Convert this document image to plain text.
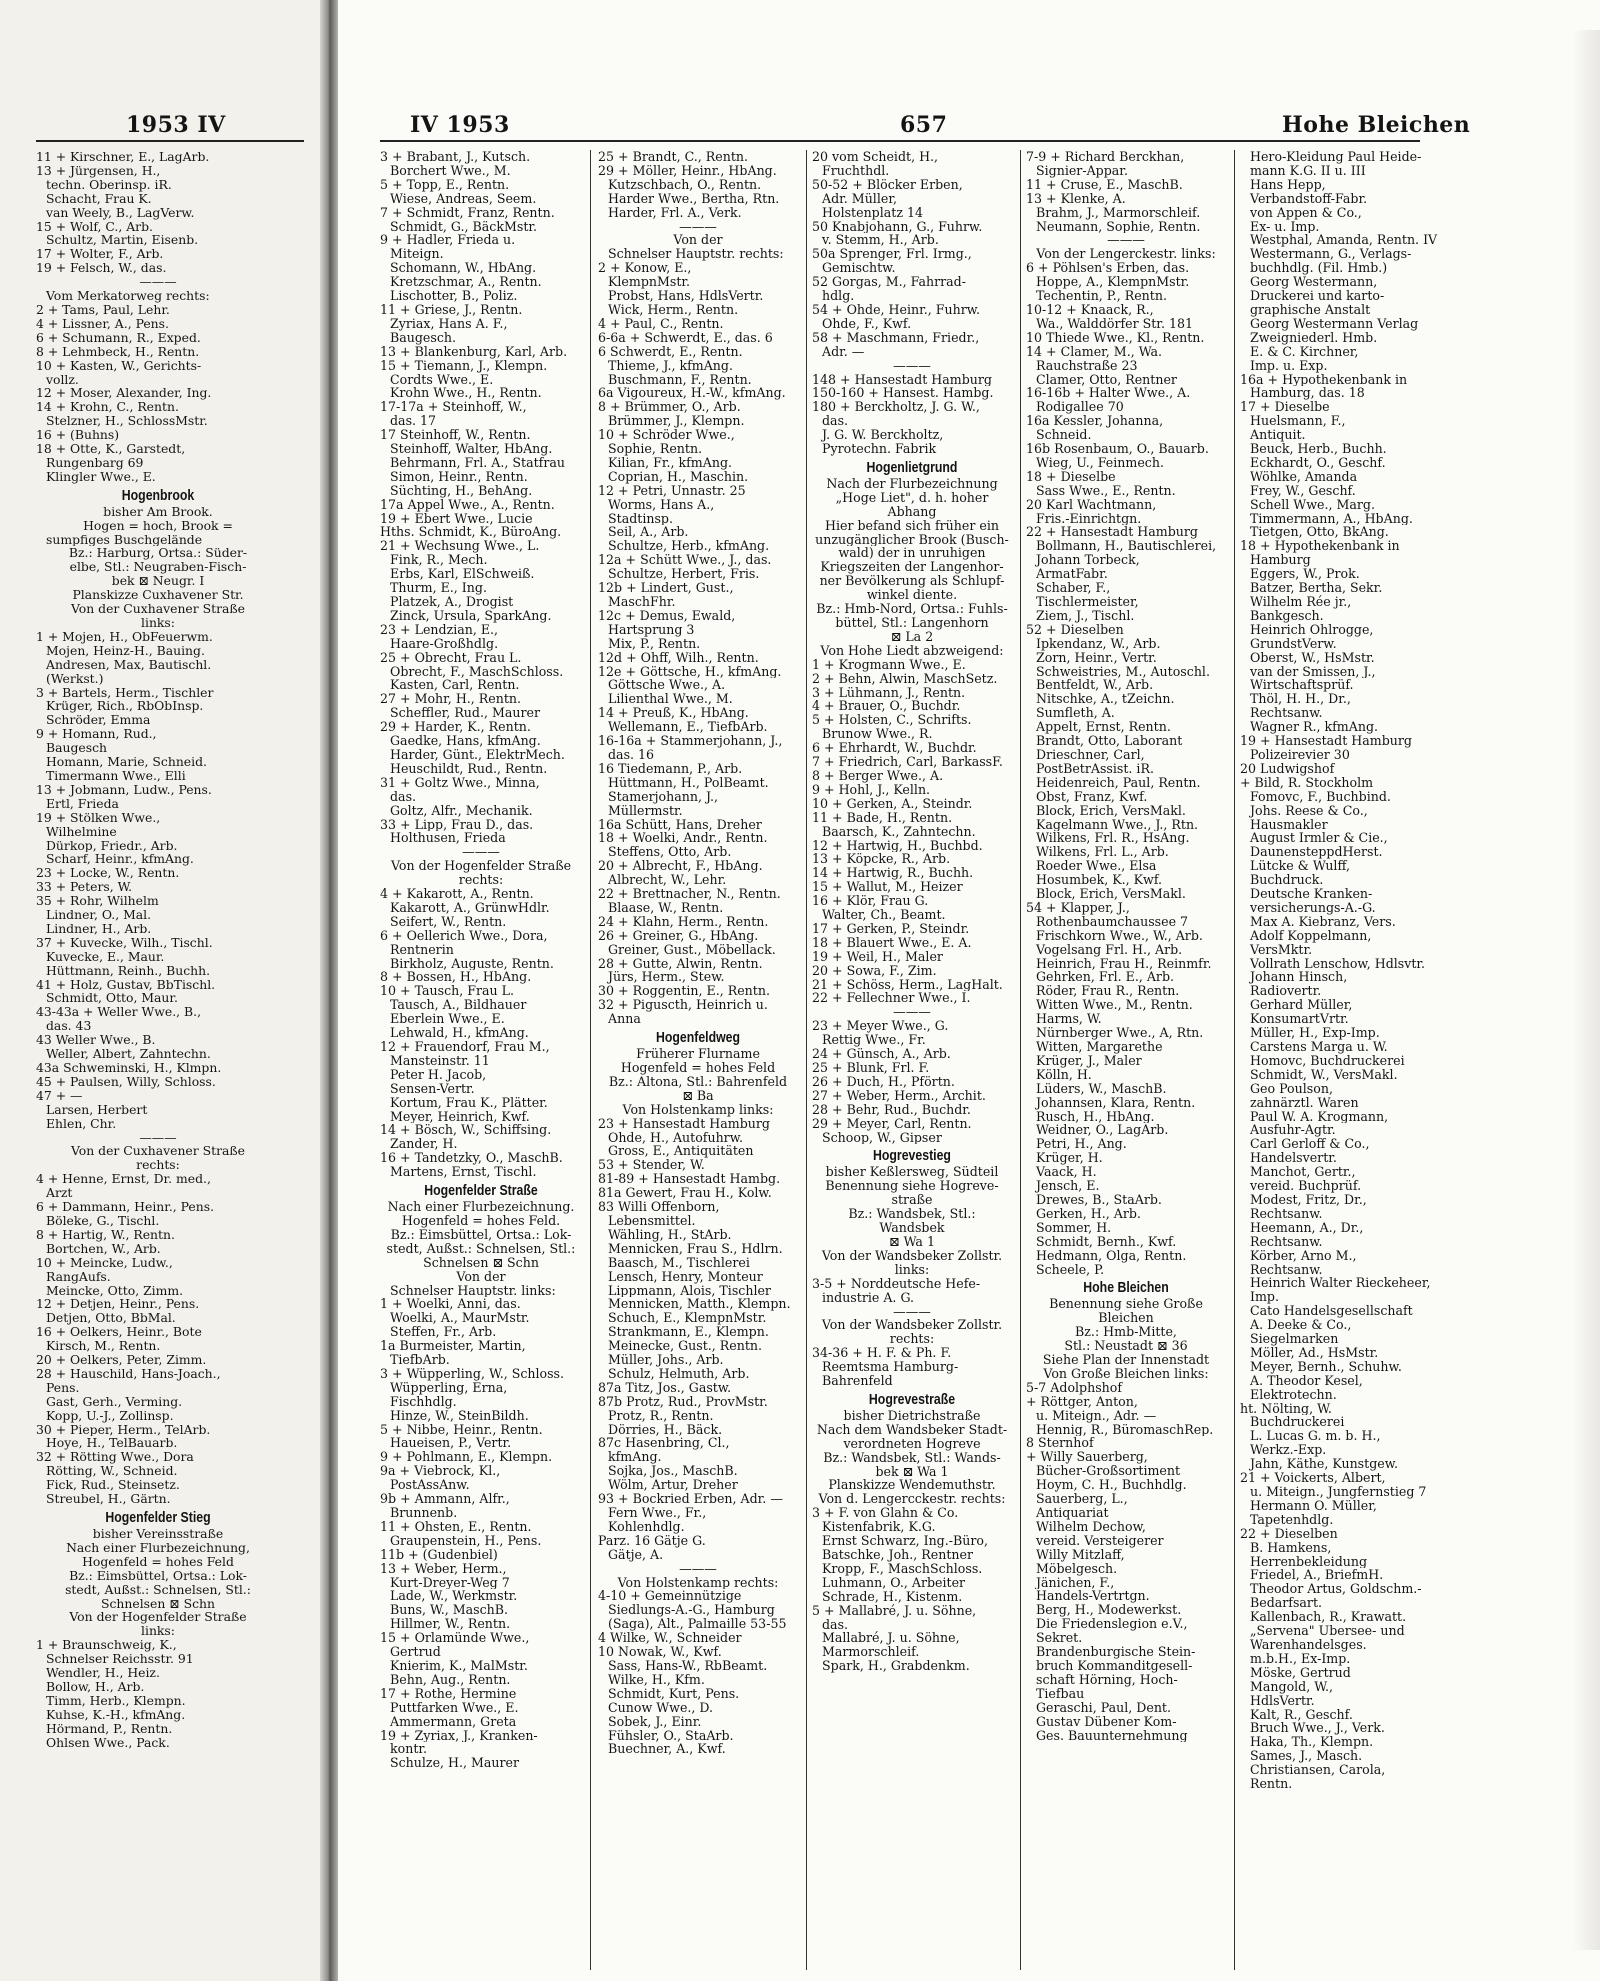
1953 IV	IV 1953	657	Hohe Bleichen
11 + Kirschner, E., LagArb.
13 + Jürgensen, H.,
techn. Oberinsp. iR.
Schacht, Frau K.
van Weely, B., LagVerw.
15 + Wolf, C., Arb.
Schultz, Martin, Eisenb.
17 + Wolter, F., Arb.
19 + Felsch, W., das.
———
Vom Merkatorweg rechts:
2 + Tams, Paul, Lehr.
4 + Lissner, A., Pens.
6 + Schumann, R., Exped.
8 + Lehmbeck, H., Rentn.
10 + Kasten, W., Gerichts-
vollz.
12 + Moser, Alexander, Ing.
14 + Krohn, C., Rentn.
Stelzner, H., SchlossMstr.
16 + (Buhns)
18 + Otte, K., Garstedt,
Rungenbarg 69
Klingler Wwe., E.
Hogenbrook
bisher Am Brook.
Hogen = hoch, Brook =
sumpfiges Buschgelände
Bz.: Harburg, Ortsa.: Süder-
elbe, Stl.: Neugraben-Fisch-
bek ⊠ Neugr. I
Planskizze Cuxhavener Str.
Von der Cuxhavener Straße
links:
1 + Mojen, H., ObFeuerwm.
Mojen, Heinz-H., Bauing.
Andresen, Max, Bautischl.
(Werkst.)
3 + Bartels, Herm., Tischler
Krüger, Rich., RbObInsp.
Schröder, Emma
9 + Homann, Rud.,
Baugesch
Homann, Marie, Schneid.
Timermann Wwe., Elli
13 + Jobmann, Ludw., Pens.
Ertl, Frieda
19 + Stölken Wwe.,
Wilhelmine
Dürkop, Friedr., Arb.
Scharf, Heinr., kfmAng.
23 + Locke, W., Rentn.
33 + Peters, W.
35 + Rohr, Wilhelm
Lindner, O., Mal.
Lindner, H., Arb.
37 + Kuvecke, Wilh., Tischl.
Kuvecke, E., Maur.
Hüttmann, Reinh., Buchh.
41 + Holz, Gustav, BbTischl.
Schmidt, Otto, Maur.
43-43a + Weller Wwe., B.,
das. 43
43 Weller Wwe., B.
Weller, Albert, Zahntechn.
43a Schweminski, H., Klmpn.
45 + Paulsen, Willy, Schloss.
47 + —
Larsen, Herbert
Ehlen, Chr.
———
Von der Cuxhavener Straße
rechts:
4 + Henne, Ernst, Dr. med.,
Arzt
6 + Dammann, Heinr., Pens.
Böleke, G., Tischl.
8 + Hartig, W., Rentn.
Bortchen, W., Arb.
10 + Meincke, Ludw.,
RangAufs.
Meincke, Otto, Zimm.
12 + Detjen, Heinr., Pens.
Detjen, Otto, BbMal.
16 + Oelkers, Heinr., Bote
Kirsch, M., Rentn.
20 + Oelkers, Peter, Zimm.
28 + Hauschild, Hans-Joach.,
Pens.
Gast, Gerh., Verming.
Kopp, U.-J., Zollinsp.
30 + Pieper, Herm., TelArb.
Hoye, H., TelBauarb.
32 + Rötting Wwe., Dora
Rötting, W., Schneid.
Fick, Rud., Steinsetz.
Streubel, H., Gärtn.
Hogenfelder Stieg
bisher Vereinsstraße
Nach einer Flurbezeichnung,
Hogenfeld = hohes Feld
Bz.: Eimsbüttel, Ortsa.: Lok-
stedt, Außst.: Schnelsen, Stl.:
Schnelsen ⊠ Schn
Von der Hogenfelder Straße
links:
1 + Braunschweig, K.,
Schnelser Reichsstr. 91
Wendler, H., Heiz.
Bollow, H., Arb.
Timm, Herb., Klempn.
Kuhse, K.-H., kfmAng.
Hörmand, P., Rentn.
Ohlsen Wwe., Pack.
3 + Brabant, J., Kutsch.
Borchert Wwe., M.
5 + Topp, E., Rentn.
Wiese, Andreas, Seem.
7 + Schmidt, Franz, Rentn.
Schmidt, G., BäckMstr.
9 + Hadler, Frieda u.
Miteign.
Schomann, W., HbAng.
Kretzschmar, A., Rentn.
Lischotter, B., Poliz.
11 + Griese, J., Rentn.
Zyriax, Hans A. F.,
Baugesch.
13 + Blankenburg, Karl, Arb.
15 + Tiemann, J., Klempn.
Cordts Wwe., E.
Krohn Wwe., H., Rentn.
17-17a + Steinhoff, W.,
das. 17
17 Steinhoff, W., Rentn.
Steinhoff, Walter, HbAng.
Behrmann, Frl. A., Statfrau
Simon, Heinr., Rentn.
Süchting, H., BehAng.
17a Appel Wwe., A., Rentn.
19 + Ebert Wwe., Lucie
Hths. Schmidt, K., BüroAng.
21 + Wechsung Wwe., L.
Fink, R., Mech.
Erbs, Karl, ElSchweiß.
Thurm, E., Ing.
Platzek, A., Drogist
Zinck, Ursula, SparkAng.
23 + Lendzian, E.,
Haare-Großhdlg.
25 + Obrecht, Frau L.
Obrecht, F., MaschSchloss.
Kasten, Carl, Rentn.
27 + Mohr, H., Rentn.
Scheffler, Rud., Maurer
29 + Harder, K., Rentn.
Gaedke, Hans, kfmAng.
Harder, Günt., ElektrMech.
Heuschildt, Rud., Rentn.
31 + Goltz Wwe., Minna,
das.
Goltz, Alfr., Mechanik.
33 + Lipp, Frau D., das.
Holthusen, Frieda
———
Von der Hogenfelder Straße
rechts:
4 + Kakarott, A., Rentn.
Kakarott, A., GrünwHdlr.
Seifert, W., Rentn.
6 + Oellerich Wwe., Dora,
Rentnerin
Birkholz, Auguste, Rentn.
8 + Bossen, H., HbAng.
10 + Tausch, Frau L.
Tausch, A., Bildhauer
Eberlein Wwe., E.
Lehwald, H., kfmAng.
12 + Frauendorf, Frau M.,
Mansteinstr. 11
Peter H. Jacob,
Sensen-Vertr.
Kortum, Frau K., Plätter.
Meyer, Heinrich, Kwf.
14 + Bösch, W., Schiffsing.
Zander, H.
16 + Tandetzky, O., MaschB.
Martens, Ernst, Tischl.
Hogenfelder Straße
Nach einer Flurbezeichnung.
Hogenfeld = hohes Feld.
Bz.: Eimsbüttel, Ortsa.: Lok-
stedt, Außst.: Schnelsen, Stl.:
Schnelsen ⊠ Schn
Von der
Schnelser Hauptstr. links:
1 + Woelki, Anni, das.
Woelki, A., MaurMstr.
Steffen, Fr., Arb.
1a Burmeister, Martin,
TiefbArb.
3 + Wüpperling, W., Schloss.
Wüpperling, Erna,
Fischhdlg.
Hinze, W., SteinBildh.
5 + Nibbe, Heinr., Rentn.
Haueisen, P., Vertr.
9 + Pohlmann, E., Klempn.
9a + Viebrock, Kl.,
PostAssAnw.
9b + Ammann, Alfr.,
Brunnenb.
11 + Ohsten, E., Rentn.
Graupenstein, H., Pens.
11b + (Gudenbiel)
13 + Weber, Herm.,
Kurt-Dreyer-Weg 7
Lade, W., Werkmstr.
Buns, W., MaschB.
Hillmer, W., Rentn.
15 + Orlamünde Wwe.,
Gertrud
Knierim, K., MalMstr.
Behn, Aug., Rentn.
17 + Rothe, Hermine
Puttfarken Wwe., E.
Ammermann, Greta
19 + Zyriax, J., Kranken-
kontr.
Schulze, H., Maurer
25 + Brandt, C., Rentn.
29 + Möller, Heinr., HbAng.
Kutzschbach, O., Rentn.
Harder Wwe., Bertha, Rtn.
Harder, Frl. A., Verk.
———
Von der
Schnelser Hauptstr. rechts:
2 + Konow, E.,
KlempnMstr.
Probst, Hans, HdlsVertr.
Wick, Herm., Rentn.
4 + Paul, C., Rentn.
6-6a + Schwerdt, E., das. 6
6 Schwerdt, E., Rentn.
Thieme, J., kfmAng.
Buschmann, F., Rentn.
6a Vigoureux, H.-W., kfmAng.
8 + Brümmer, O., Arb.
Brümmer, J., Klempn.
10 + Schröder Wwe.,
Sophie, Rentn.
Kilian, Fr., kfmAng.
Coprian, H., Maschin.
12 + Petri, Unnastr. 25
Worms, Hans A.,
Stadtinsp.
Seil, A., Arb.
Schultze, Herb., kfmAng.
12a + Schütt Wwe., J., das.
Schultze, Herbert, Fris.
12b + Lindert, Gust.,
MaschFhr.
12c + Demus, Ewald,
Hartsprung 3
Mix, P., Rentn.
12d + Ohff, Wilh., Rentn.
12e + Göttsche, H., kfmAng.
Göttsche Wwe., A.
Lilienthal Wwe., M.
14 + Preuß, K., HbAng.
Wellemann, E., TiefbArb.
16-16a + Stammerjohann, J.,
das. 16
16 Tiedemann, P., Arb.
Hüttmann, H., PolBeamt.
Stamerjohann, J.,
Müllermstr.
16a Schütt, Hans, Dreher
18 + Woelki, Andr., Rentn.
Steffens, Otto, Arb.
20 + Albrecht, F., HbAng.
Albrecht, W., Lehr.
22 + Brettnacher, N., Rentn.
Blaase, W., Rentn.
24 + Klahn, Herm., Rentn.
26 + Greiner, G., HbAng.
Greiner, Gust., Möbellack.
28 + Gutte, Alwin, Rentn.
Jürs, Herm., Stew.
30 + Roggentin, E., Rentn.
32 + Piguscth, Heinrich u.
Anna
Hogenfeldweg
Früherer Flurname
Hogenfeld = hohes Feld
Bz.: Altona, Stl.: Bahrenfeld
⊠ Ba
Von Holstenkamp links:
23 + Hansestadt Hamburg
Ohde, H., Autofuhrw.
Gross, E., Antiquitäten
53 + Stender, W.
81-89 + Hansestadt Hambg.
81a Gewert, Frau H., Kolw.
83 Willi Offenborn,
Lebensmittel.
Wähling, H., StArb.
Mennicken, Frau S., Hdlrn.
Baasch, M., Tischlerei
Lensch, Henry, Monteur
Lippmann, Alois, Tischler
Mennicken, Matth., Klempn.
Schuch, E., KlempnMstr.
Strankmann, E., Klempn.
Meinecke, Gust., Rentn.
Müller, Johs., Arb.
Schulz, Helmuth, Arb.
87a Titz, Jos., Gastw.
87b Protz, Rud., ProvMstr.
Protz, R., Rentn.
Dörries, H., Bäck.
87c Hasenbring, Cl.,
kfmAng.
Sojka, Jos., MaschB.
Wölm, Artur, Dreher
93 + Bockried Erben, Adr. —
Fern Wwe., Fr.,
Kohlenhdlg.
Parz. 16 Gätje G.
Gätje, A.
———
Von Holstenkamp rechts:
4-10 + Gemeinnützige
Siedlungs-A.-G., Hamburg
(Saga), Alt., Palmaille 53-55
4 Wilke, W., Schneider
10 Nowak, W., Kwf.
Sass, Hans-W., RbBeamt.
Wilke, H., Kfm.
Schmidt, Kurt, Pens.
Cunow Wwe., D.
Sobek, J., Einr.
Fühsler, O., StaArb.
Buechner, A., Kwf.
20 vom Scheidt, H.,
Fruchthdl.
50-52 + Blöcker Erben,
Adr. Müller,
Holstenplatz 14
50 Knabjohann, G., Fuhrw.
v. Stemm, H., Arb.
50a Sprenger, Frl. Irmg.,
Gemischtw.
52 Gorgas, M., Fahrrad-
hdlg.
54 + Ohde, Heinr., Fuhrw.
Ohde, F., Kwf.
58 + Maschmann, Friedr.,
Adr. —
———
148 + Hansestadt Hamburg
150-160 + Hansest. Hambg.
180 + Berckholtz, J. G. W.,
das.
J. G. W. Berckholtz,
Pyrotechn. Fabrik
Hogenlietgrund
Nach der Flurbezeichnung
„Hoge Liet", d. h. hoher
Abhang
Hier befand sich früher ein
unzugänglicher Brook (Busch-
wald) der in unruhigen
Kriegszeiten der Langenhor-
ner Bevölkerung als Schlupf-
winkel diente.
Bz.: Hmb-Nord, Ortsa.: Fuhls-
büttel, Stl.: Langenhorn
⊠ La 2
Von Hohe Liedt abzweigend:
1 + Krogmann Wwe., E.
2 + Behn, Alwin, MaschSetz.
3 + Lühmann, J., Rentn.
4 + Brauer, O., Buchdr.
5 + Holsten, C., Schrifts.
Brunow Wwe., R.
6 + Ehrhardt, W., Buchdr.
7 + Friedrich, Carl, BarkassF.
8 + Berger Wwe., A.
9 + Hohl, J., Kelln.
10 + Gerken, A., Steindr.
11 + Bade, H., Rentn.
Baarsch, K., Zahntechn.
12 + Hartwig, H., Buchbd.
13 + Köpcke, R., Arb.
14 + Hartwig, R., Buchh.
15 + Wallut, M., Heizer
16 + Klör, Frau G.
Walter, Ch., Beamt.
17 + Gerken, P., Steindr.
18 + Blauert Wwe., E. A.
19 + Weil, H., Maler
20 + Sowa, F., Zim.
21 + Schöss, Herm., LagHalt.
22 + Fellechner Wwe., I.
———
23 + Meyer Wwe., G.
Rettig Wwe., Fr.
24 + Günsch, A., Arb.
25 + Blunk, Frl. F.
26 + Duch, H., Pförtn.
27 + Weber, Herm., Archit.
28 + Behr, Rud., Buchdr.
29 + Meyer, Carl, Rentn.
Schoop, W., Gipser
Hogrevestieg
bisher Keßlersweg, Südteil
Benennung siehe Hogreve-
straße
Bz.: Wandsbek, Stl.:
Wandsbek
⊠ Wa 1
Von der Wandsbeker Zollstr.
links:
3-5 + Norddeutsche Hefe-
industrie A. G.
———
Von der Wandsbeker Zollstr.
rechts:
34-36 + H. F. & Ph. F.
Reemtsma Hamburg-
Bahrenfeld
Hogrevestraße
bisher Dietrichstraße
Nach dem Wandsbeker Stadt-
verordneten Hogreve
Bz.: Wandsbek, Stl.: Wands-
bek ⊠ Wa 1
Planskizze Wendemuthstr.
Von d. Lengercckestr. rechts:
3 + F. von Glahn & Co.
Kistenfabrik, K.G.
Ernst Schwarz, Ing.-Büro,
Batschke, Joh., Rentner
Kropp, F., MaschSchloss.
Luhmann, O., Arbeiter
Schrade, H., Kistenm.
5 + Mallabré, J. u. Söhne,
das.
Mallabré, J. u. Söhne,
Marmorschleif.
Spark, H., Grabdenkm.
7-9 + Richard Berckhan,
Signier-Appar.
11 + Cruse, E., MaschB.
13 + Klenke, A.
Brahm, J., Marmorschleif.
Neumann, Sophie, Rentn.
———
Von der Lengerckestr. links:
6 + Pöhlsen's Erben, das.
Hoppe, A., KlempnMstr.
Techentin, P., Rentn.
10-12 + Knaack, R.,
Wa., Walddörfer Str. 181
10 Thiede Wwe., Kl., Rentn.
14 + Clamer, M., Wa.
Rauchstraße 23
Clamer, Otto, Rentner
16-16b + Halter Wwe., A.
Rodigallee 70
16a Kessler, Johanna,
Schneid.
16b Rosenbaum, O., Bauarb.
Wieg, U., Feinmech.
18 + Dieselbe
Sass Wwe., E., Rentn.
20 Karl Wachtmann,
Fris.-Einrichtgn.
22 + Hansestadt Hamburg
Bollmann, H., Bautischlerei,
Johann Torbeck,
ArmatFabr.
Schaber, F.,
Tischlermeister,
Ziem, J., Tischl.
52 + Dieselben
Ipkendanz, W., Arb.
Zorn, Heinr., Vertr.
Schweistries, M., Autoschl.
Bentfeldt, W., Arb.
Nitschke, A., tZeichn.
Sumfleth, A.
Appelt, Ernst, Rentn.
Brandt, Otto, Laborant
Drieschner, Carl,
PostBetrAssist. iR.
Heidenreich, Paul, Rentn.
Obst, Franz, Kwf.
Block, Erich, VersMakl.
Kagelmann Wwe., J., Rtn.
Wilkens, Frl. R., HsAng.
Wilkens, Frl. L., Arb.
Roeder Wwe., Elsa
Hosumbek, K., Kwf.
Block, Erich, VersMakl.
54 + Klapper, J.,
Rothenbaumchaussee 7
Frischkorn Wwe., W., Arb.
Vogelsang Frl. H., Arb.
Heinrich, Frau H., Reinmfr.
Gehrken, Frl. E., Arb.
Röder, Frau R., Rentn.
Witten Wwe., M., Rentn.
Harms, W.
Nürnberger Wwe., A, Rtn.
Witten, Margarethe
Krüger, J., Maler
Kölln, H.
Lüders, W., MaschB.
Johannsen, Klara, Rentn.
Rusch, H., HbAng.
Weidner, O., LagArb.
Petri, H., Ang.
Krüger, H.
Vaack, H.
Jensch, E.
Drewes, B., StaArb.
Gerken, H., Arb.
Sommer, H.
Schmidt, Bernh., Kwf.
Hedmann, Olga, Rentn.
Scheele, P.
Hohe Bleichen
Benennung siehe Große
Bleichen
Bz.: Hmb-Mitte,
Stl.: Neustadt ⊠ 36
Siehe Plan der Innenstadt
Von Große Bleichen links:
5-7 Adolphshof
+ Röttger, Anton,
u. Miteign., Adr. —
Hennig, R., BüromaschRep.
8 Sternhof
+ Willy Sauerberg,
Bücher-Großsortiment
Hoym, C. H., Buchhdlg.
Sauerberg, L.,
Antiquariat
Wilhelm Dechow,
vereid. Versteigerer
Willy Mitzlaff,
Möbelgesch.
Jänichen, F.,
Handels-Vertrtgn.
Berg, H., Modewerkst.
Die Friedenslegion e.V.,
Sekret.
Brandenburgische Stein-
bruch Kommanditgesell-
schaft Hörning, Hoch-
Tiefbau
Geraschi, Paul, Dent.
Gustav Dübener Kom-
Ges. Bauunternehmung
Hero-Kleidung Paul Heide-
mann K.G. II u. III
Hans Hepp,
Verbandstoff-Fabr.
von Appen & Co.,
Ex- u. Imp.
Westphal, Amanda, Rentn. IV
Westermann, G., Verlags-
buchhdlg. (Fil. Hmb.)
Georg Westermann,
Druckerei und karto-
graphische Anstalt
Georg Westermann Verlag
Zweigniederl. Hmb.
E. & C. Kirchner,
Imp. u. Exp.
16a + Hypothekenbank in
Hamburg, das. 18
17 + Dieselbe
Huelsmann, F.,
Antiquit.
Beuck, Herb., Buchh.
Eckhardt, O., Geschf.
Wöhlke, Amanda
Frey, W., Geschf.
Schell Wwe., Marg.
Timmermann, A., HbAng.
Tietgen, Otto, BkAng.
18 + Hypothekenbank in
Hamburg
Eggers, W., Prok.
Batzer, Bertha, Sekr.
Wilhelm Rée jr.,
Bankgesch.
Heinrich Ohlrogge,
GrundstVerw.
Oberst, W., HsMstr.
van der Smissen, J.,
Wirtschaftsprüf.
Thöl, H. H., Dr.,
Rechtsanw.
Wagner R., kfmAng.
19 + Hansestadt Hamburg
Polizeirevier 30
20 Ludwigshof
+ Bild, R. Stockholm
Fomovc, F., Buchbind.
Johs. Reese & Co.,
Hausmakler
August Irmler & Cie.,
DaunensteppdHerst.
Lütcke & Wulff,
Buchdruck.
Deutsche Kranken-
versicherungs-A.-G.
Max A. Kiebranz, Vers.
Adolf Koppelmann,
VersMktr.
Vollrath Lenschow, Hdlsvtr.
Johann Hinsch,
Radiovertr.
Gerhard Müller,
KonsumartVrtr.
Müller, H., Exp-Imp.
Carstens Marga u. W.
Homovc, Buchdruckerei
Schmidt, W., VersMakl.
Geo Poulson,
zahnärztl. Waren
Paul W. A. Krogmann,
Ausfuhr-Agtr.
Carl Gerloff & Co.,
Handelsvertr.
Manchot, Gertr.,
vereid. Buchprüf.
Modest, Fritz, Dr.,
Rechtsanw.
Heemann, A., Dr.,
Rechtsanw.
Körber, Arno M.,
Rechtsanw.
Heinrich Walter Rieckeheer,
Imp.
Cato Handelsgesellschaft
A. Deeke & Co.,
Siegelmarken
Möller, Ad., HsMstr.
Meyer, Bernh., Schuhw.
A. Theodor Kesel,
Elektrotechn.
ht. Nölting, W.
Buchdruckerei
L. Lucas G. m. b. H.,
Werkz.-Exp.
Jahn, Käthe, Kunstgew.
21 + Voickerts, Albert,
u. Miteign., Jungfernstieg 7
Hermann O. Müller,
Tapetenhdlg.
22 + Dieselben
B. Hamkens,
Herrenbekleidung
Friedel, A., BriefmH.
Theodor Artus, Goldschm.-
Bedarfsart.
Kallenbach, R., Krawatt.
„Servena" Übersee- und
Warenhandelsges.
m.b.H., Ex-Imp.
Möske, Gertrud
Mangold, W.,
HdlsVertr.
Kalt, R., Geschf.
Bruch Wwe., J., Verk.
Haka, Th., Klempn.
Sames, J., Masch.
Christiansen, Carola,
Rentn.
